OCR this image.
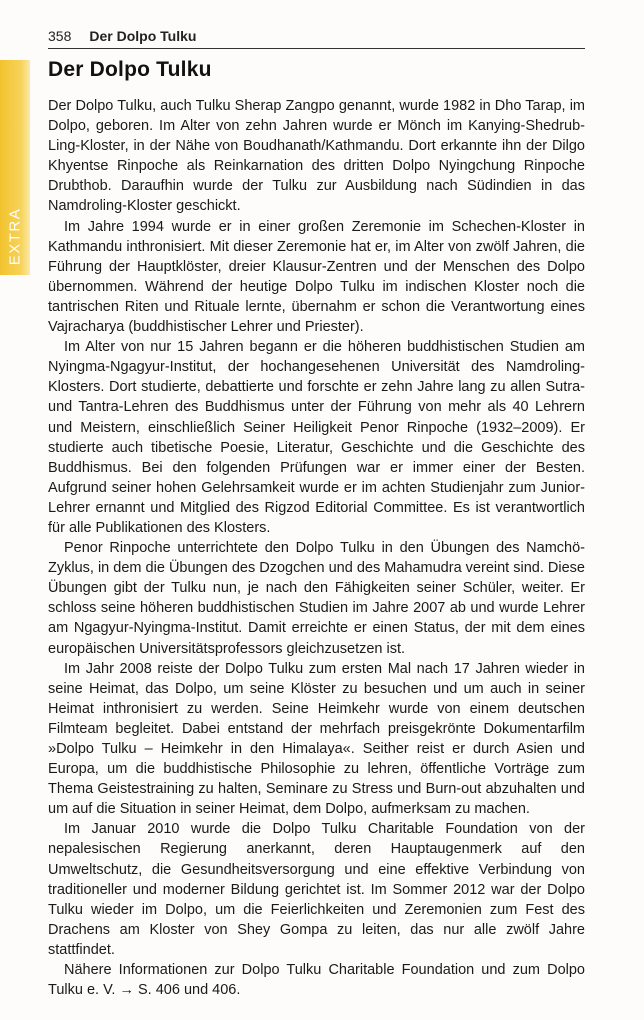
358 Der Dolpo Tulku
EXTRA
Der Dolpo Tulku

Der Dolpo Tulku, auch Tulku Sherap Zangpo genannt, wurde 1982 in Dho Tarap, im Dolpo, geboren. Im Alter von zehn Jahren wurde er Mönch im Kanying-Shedrub-Ling-Kloster, in der Nähe von Boudhanath/Kathmandu. Dort erkannte ihn der Dilgo Khyentse Rinpoche als Reinkarnation des dritten Dolpo Nyingchung Rinpoche Drubthob. Daraufhin wurde der Tulku zur Ausbildung nach Südindien in das Namdroling-Kloster geschickt.

Im Jahre 1994 wurde er in einer großen Zeremonie im Schechen-Kloster in Kathmandu inthronisiert. Mit dieser Zeremonie hat er, im Alter von zwölf Jahren, die Führung der Hauptklöster, dreier Klausur-Zentren und der Menschen des Dolpo übernommen. Während der heutige Dolpo Tulku im indischen Kloster noch die tantrischen Riten und Rituale lernte, übernahm er schon die Verantwortung eines Vajracharya (buddhistischer Lehrer und Priester).

Im Alter von nur 15 Jahren begann er die höheren buddhistischen Studien am Nyingma-Ngagyur-Institut, der hochangesehenen Universität des Namdroling-Klosters. Dort studierte, debattierte und forschte er zehn Jahre lang zu allen Sutra- und Tantra-Lehren des Buddhismus unter der Führung von mehr als 40 Lehrern und Meistern, einschließlich Seiner Heiligkeit Penor Rinpoche (1932–2009). Er studierte auch tibetische Poesie, Literatur, Geschichte und die Geschichte des Buddhismus. Bei den folgenden Prüfungen war er immer einer der Besten. Aufgrund seiner hohen Gelehrsamkeit wurde er im achten Studienjahr zum Junior-Lehrer ernannt und Mitglied des Rigzod Editorial Committee. Es ist verantwortlich für alle Publikationen des Klosters.

Penor Rinpoche unterrichtete den Dolpo Tulku in den Übungen des Namchö-Zyklus, in dem die Übungen des Dzogchen und des Mahamudra vereint sind. Diese Übungen gibt der Tulku nun, je nach den Fähigkeiten seiner Schüler, weiter. Er schloss seine höheren buddhistischen Studien im Jahre 2007 ab und wurde Lehrer am Ngagyur-Nyingma-Institut. Damit erreichte er einen Status, der mit dem eines europäischen Universitätsprofessors gleichzusetzen ist.

Im Jahr 2008 reiste der Dolpo Tulku zum ersten Mal nach 17 Jahren wieder in seine Heimat, das Dolpo, um seine Klöster zu besuchen und um auch in seiner Heimat inthronisiert zu werden. Seine Heimkehr wurde von einem deutschen Filmteam begleitet. Dabei entstand der mehrfach preisgekrönte Dokumentarfilm »Dolpo Tulku – Heimkehr in den Himalaya«. Seither reist er durch Asien und Europa, um die buddhistische Philosophie zu lehren, öffentliche Vorträge zum Thema Geistestraining zu halten, Seminare zu Stress und Burn-out abzuhalten und um auf die Situation in seiner Heimat, dem Dolpo, aufmerksam zu machen.

Im Januar 2010 wurde die Dolpo Tulku Charitable Foundation von der nepalesischen Regierung anerkannt, deren Hauptaugenmerk auf den Umweltschutz, die Gesundheitsversorgung und eine effektive Verbindung von traditioneller und moderner Bildung gerichtet ist. Im Sommer 2012 war der Dolpo Tulku wieder im Dolpo, um die Feierlichkeiten und Zeremonien zum Fest des Drachens am Kloster von Shey Gompa zu leiten, das nur alle zwölf Jahre stattfindet.

Nähere Informationen zur Dolpo Tulku Charitable Foundation und zum Dolpo Tulku e. V. → S. 406 und 406.
